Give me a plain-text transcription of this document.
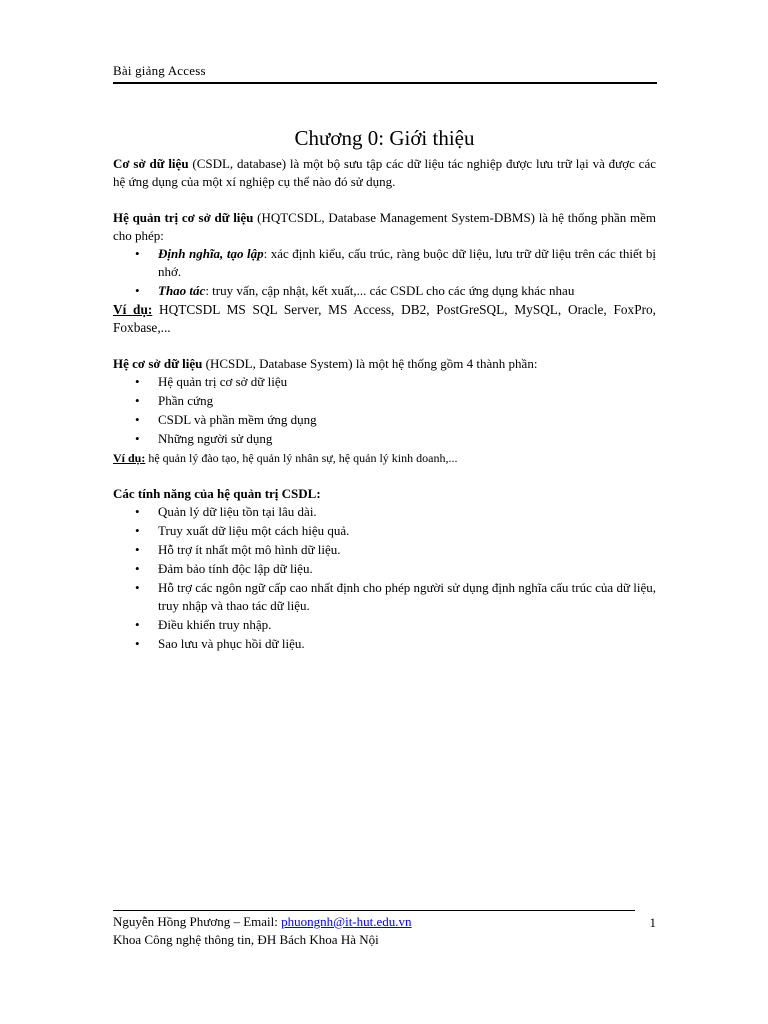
Bài giảng Access
Chương 0: Giới thiệu

Cơ sở dữ liệu (CSDL, database) là một bộ sưu tập các dữ liệu tác nghiệp được lưu trữ lại và được các hệ ứng dụng của một xí nghiệp cụ thể nào đó sử dụng.

Hệ quản trị cơ sở dữ liệu (HQTCSDL, Database Management System-DBMS) là hệ thống phần mềm cho phép:

• Định nghĩa, tạo lập: xác định kiểu, cấu trúc, ràng buộc dữ liệu, lưu trữ dữ liệu trên các thiết bị nhớ.
• Thao tác: truy vấn, cập nhật, kết xuất,... các CSDL cho các ứng dụng khác nhau

Ví dụ: HQTCSDL MS SQL Server, MS Access, DB2, PostGreSQL, MySQL, Oracle, FoxPro, Foxbase,...

Hệ cơ sở dữ liệu (HCSDL, Database System) là một hệ thống gồm 4 thành phần:

• Hệ quản trị cơ sở dữ liệu
• Phần cứng
• CSDL và phần mềm ứng dụng
• Những người sử dụng

Ví dụ: hệ quản lý đào tạo, hệ quản lý nhân sự, hệ quản lý kinh doanh,...

Các tính năng của hệ quản trị CSDL:

• Quản lý dữ liệu tồn tại lâu dài.
• Truy xuất dữ liệu một cách hiệu quả.
• Hỗ trợ ít nhất một mô hình dữ liệu.
• Đảm bảo tính độc lập dữ liệu.
• Hỗ trợ các ngôn ngữ cấp cao nhất định cho phép người sử dụng định nghĩa cấu trúc của dữ liệu, truy nhập và thao tác dữ liệu.
• Điều khiển truy nhập.
• Sao lưu và phục hồi dữ liệu.
Nguyễn Hồng Phương – Email: phuongnh@it-hut.edu.vn	1
Khoa Công nghệ thông tin, ĐH Bách Khoa Hà Nội
